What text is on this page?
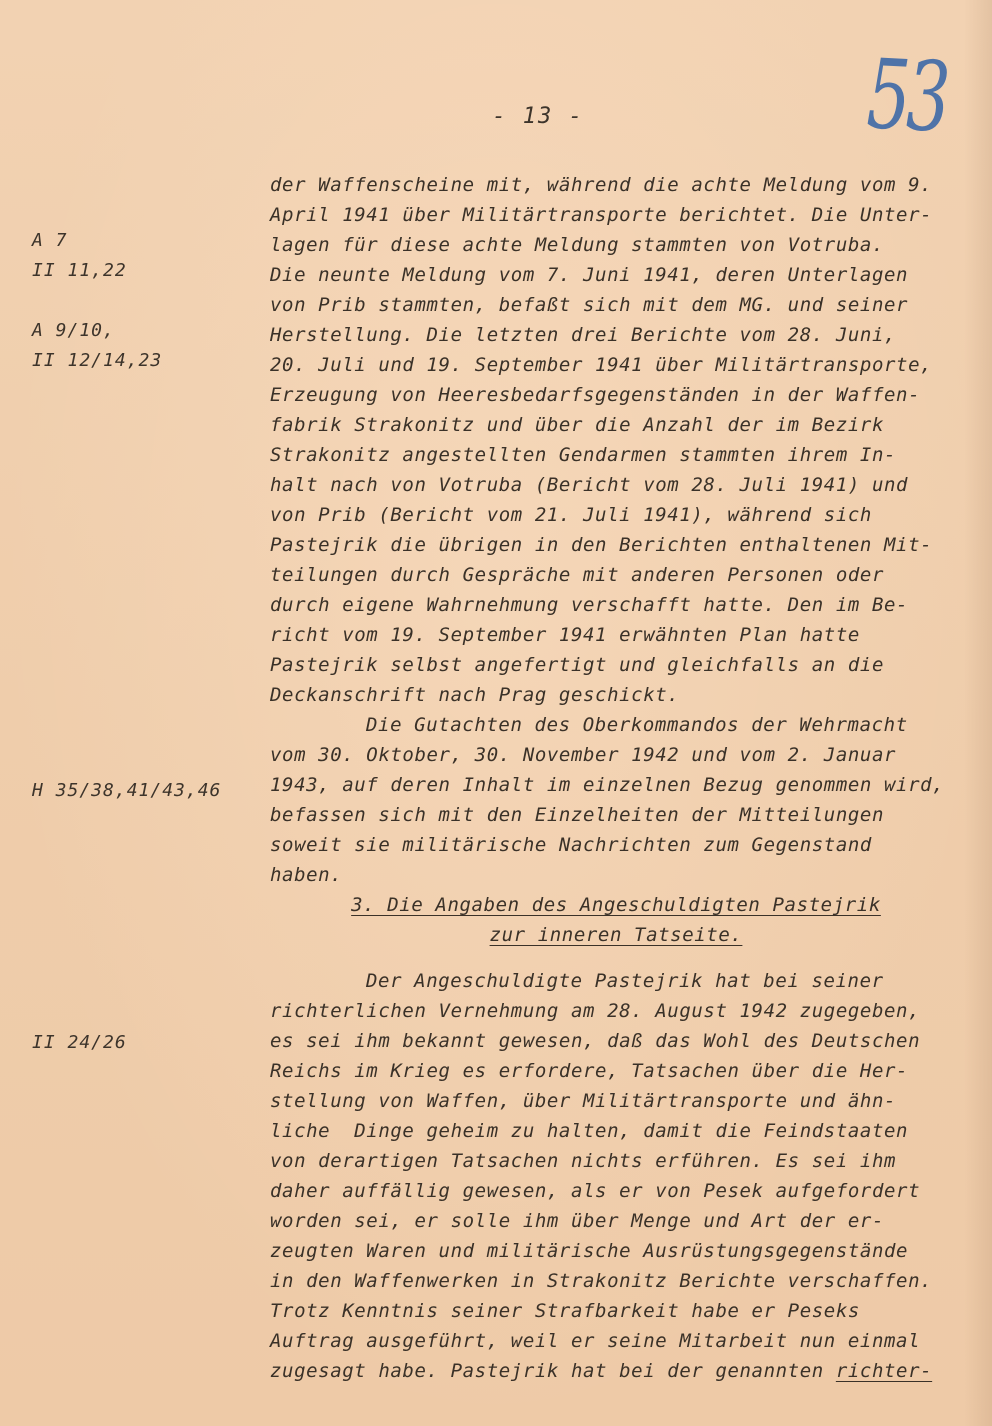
53
- 13 -
A 7
II 11,22
A 9/10,
II 12/14,23
H 35/38,41/43,46
II 24/26
der Waffenscheine mit, während die achte Meldung vom 9.
April 1941 über Militärtransporte berichtet. Die Unter-
lagen für diese achte Meldung stammten von Votruba.
Die neunte Meldung vom 7. Juni 1941, deren Unterlagen
von Prib stammten, befaßt sich mit dem MG. und seiner
Herstellung. Die letzten drei Berichte vom 28. Juni,
20. Juli und 19. September 1941 über Militärtransporte,
Erzeugung von Heeresbedarfsgegenständen in der Waffen-
fabrik Strakonitz und über die Anzahl der im Bezirk
Strakonitz angestellten Gendarmen stammten ihrem In-
halt nach von Votruba (Bericht vom 28. Juli 1941) und
von Prib (Bericht vom 21. Juli 1941), während sich
Pastejrik die übrigen in den Berichten enthaltenen Mit-
teilungen durch Gespräche mit anderen Personen oder
durch eigene Wahrnehmung verschafft hatte. Den im Be-
richt vom 19. September 1941 erwähnten Plan hatte
Pastejrik selbst angefertigt und gleichfalls an die
Deckanschrift nach Prag geschickt.
Die Gutachten des Oberkommandos der Wehrmacht
vom 30. Oktober, 30. November 1942 und vom 2. Januar
1943, auf deren Inhalt im einzelnen Bezug genommen wird,
befassen sich mit den Einzelheiten der Mitteilungen
soweit sie militärische Nachrichten zum Gegenstand
haben.
3. Die Angaben des Angeschuldigten Pastejrik
zur inneren Tatseite.
Der Angeschuldigte Pastejrik hat bei seiner
richterlichen Vernehmung am 28. August 1942 zugegeben,
es sei ihm bekannt gewesen, daß das Wohl des Deutschen
Reichs im Krieg es erfordere, Tatsachen über die Her-
stellung von Waffen, über Militärtransporte und ähn-
liche  Dinge geheim zu halten, damit die Feindstaaten
von derartigen Tatsachen nichts erführen. Es sei ihm
daher auffällig gewesen, als er von Pesek aufgefordert
worden sei, er solle ihm über Menge und Art der er-
zeugten Waren und militärische Ausrüstungsgegenstände
in den Waffenwerken in Strakonitz Berichte verschaffen.
Trotz Kenntnis seiner Strafbarkeit habe er Peseks
Auftrag ausgeführt, weil er seine Mitarbeit nun einmal
zugesagt habe. Pastejrik hat bei der genannten richter-
